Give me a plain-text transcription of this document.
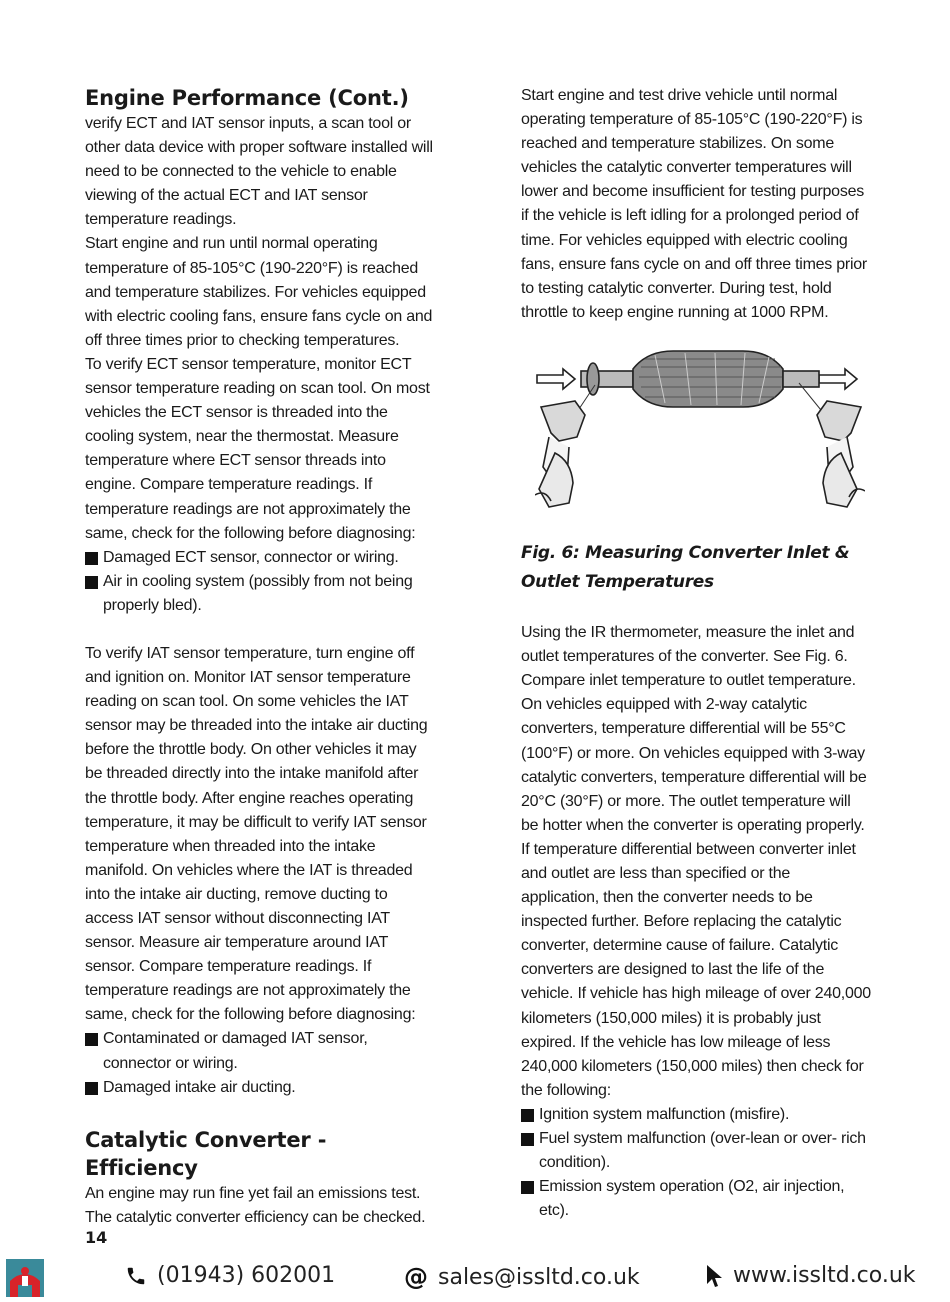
Engine Performance (Cont.)

verify ECT and IAT sensor inputs, a scan tool or other data device with proper software installed will need to be connected to the vehicle to enable viewing of the actual ECT and IAT sensor temperature readings.

Start engine and run until normal operating temperature of 85-105°C (190-220°F) is reached and temperature stabilizes. For vehicles equipped with electric cooling fans, ensure fans cycle on and off three times prior to checking temperatures.

To verify ECT sensor temperature, monitor ECT sensor temperature reading on scan tool. On most vehicles the ECT sensor is threaded into the cooling system, near the thermostat. Measure temperature where ECT sensor threads into engine. Compare temperature readings. If temperature readings are not approximately the same, check for the following before diagnosing:

Damaged ECT sensor, connector or wiring.
Air in cooling system (possibly from not being properly bled).

To verify IAT sensor temperature, turn engine off and ignition on. Monitor IAT sensor temperature reading on scan tool. On some vehicles the IAT sensor may be threaded into the intake air ducting before the throttle body. On other vehicles it may be threaded directly into the intake manifold after the throttle body. After engine reaches operating temperature, it may be difficult to verify IAT sensor temperature when threaded into the intake manifold. On vehicles where the IAT is threaded into the intake air ducting, remove ducting to access IAT sensor without disconnecting IAT sensor. Measure air temperature around IAT sensor. Compare temperature readings. If temperature readings are not approximately the same, check for the following before diagnosing:

Contaminated or damaged IAT sensor, connector or wiring.
Damaged intake air ducting.
Catalytic Converter - Efficiency

An engine may run fine yet fail an emissions test. The catalytic converter efficiency can be checked.

Start engine and test drive vehicle until normal operating temperature of 85-105°C (190-220°F) is reached and temperature stabilizes. On some vehicles the catalytic converter temperatures will lower and become insufficient for testing purposes if the vehicle is left idling for a prolonged period of time. For vehicles equipped with electric cooling fans, ensure fans cycle on and off three times prior to testing catalytic converter. During test, hold throttle to keep engine running at 1000 RPM.

Fig. 6: Measuring Converter Inlet & Outlet Temperatures

Using the IR thermometer, measure the inlet and outlet temperatures of the converter. See Fig. 6. Compare inlet temperature to outlet temperature. On vehicles equipped with 2-way catalytic converters, temperature differential will be 55°C (100°F) or more. On vehicles equipped with 3-way catalytic converters, temperature differential will be 20°C (30°F) or more. The outlet temperature will be hotter when the converter is operating properly. If temperature differential between converter inlet and outlet are less than specified or the application, then the converter needs to be inspected further. Before replacing the catalytic converter, determine cause of failure. Catalytic converters are designed to last the life of the vehicle. If vehicle has high mileage of over 240,000 kilometers (150,000 miles) it is probably just expired. If the vehicle has low mileage of less 240,000 kilometers (150,000 miles) then check for the following:

Ignition system malfunction (misfire).
Fuel system malfunction (over-lean or over- rich condition).
Emission system operation (O2, air injection, etc).
14
(01943) 602001	@ sales@issltd.co.uk	www.issltd.co.uk
